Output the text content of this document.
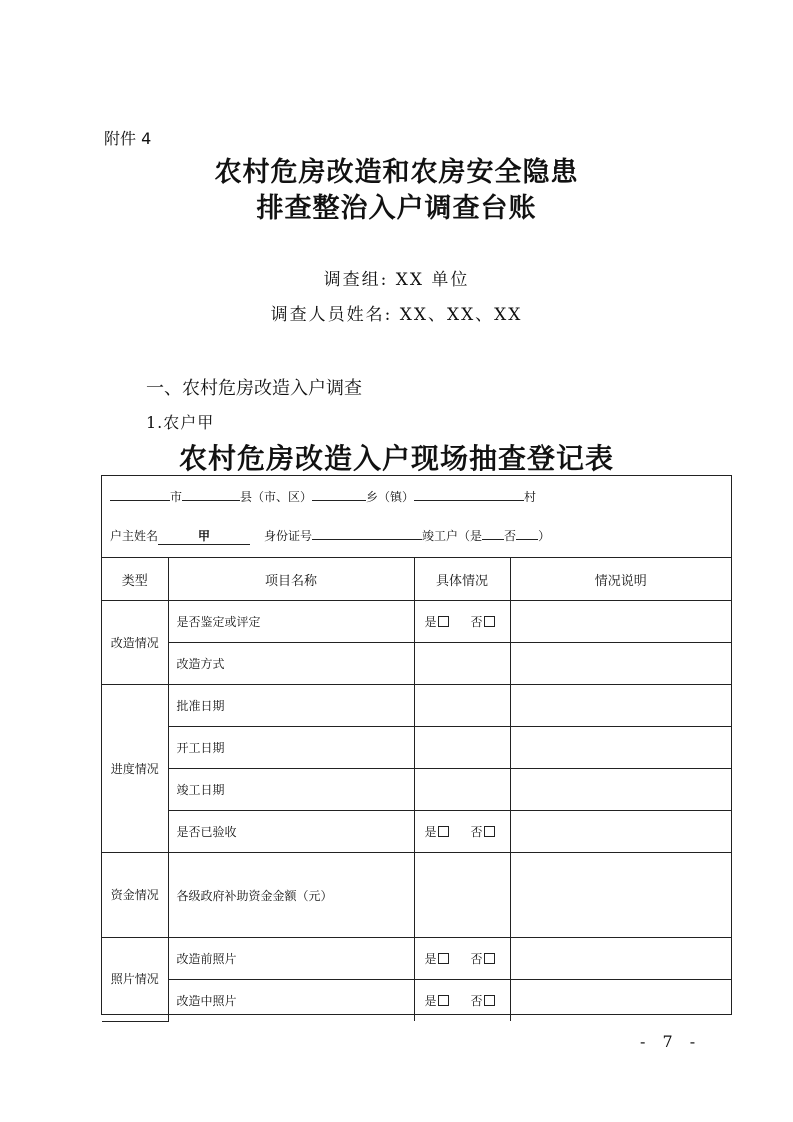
附件 4
农村危房改造和农房安全隐患
排查整治入户调查台账
调查组: XX 单位
调查人员姓名: XX、XX、XX
一、农村危房改造入户调查
1.农户甲
农村危房改造入户现场抽查登记表
市	县（市、区）	乡（镇）	村
户主姓名	甲	身份证号	竣工户（是 否 ）
类型	项目名称	具体情况	情况说明
改造情况	是否鉴定或评定	是 否	
	改造方式		
进度情况	批准日期		
	开工日期		
	竣工日期		
	是否已验收	是 否	
资金情况	各级政府补助资金金额（元）		
照片情况	改造前照片	是 否	
	改造中照片	是 否	
- 7 -
